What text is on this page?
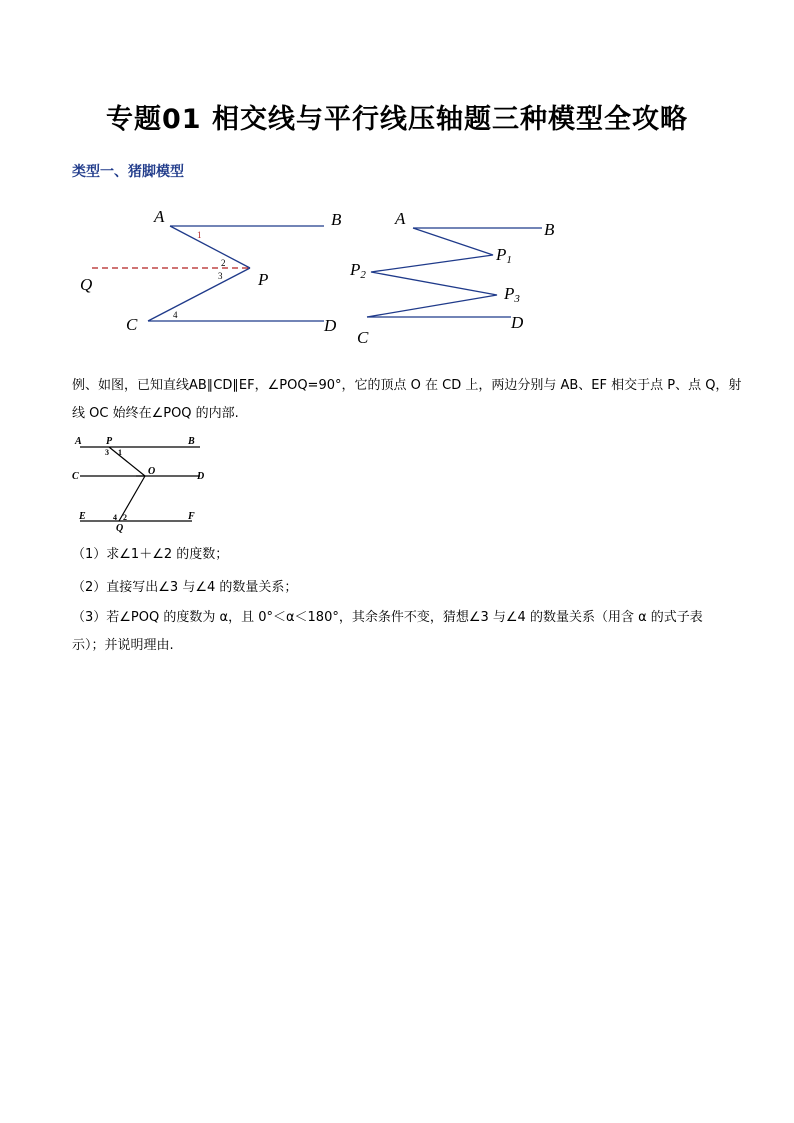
专题01 相交线与平行线压轴题三种模型全攻略
类型一、猪脚模型
A	B
Q	P
C	D
1
2
3
4
A
B
P1
P2
P3
C
D
例、如图，已知直线AB∥CD∥EF，∠POQ=90°，它的顶点 O 在 CD 上，两边分别与 AB、EF 相交于点 P、点 Q，射线 OC 始终在∠POQ 的内部.
A P	B
C	O	D
E
Q
F
1
3
4 2
（1）求∠1＋∠2 的度数；
（2）直接写出∠3 与∠4 的数量关系；
（3）若∠POQ 的度数为 α，且 0°＜α＜180°，其余条件不变，猜想∠3 与∠4 的数量关系（用含 α 的式子表示）；并说明理由.
